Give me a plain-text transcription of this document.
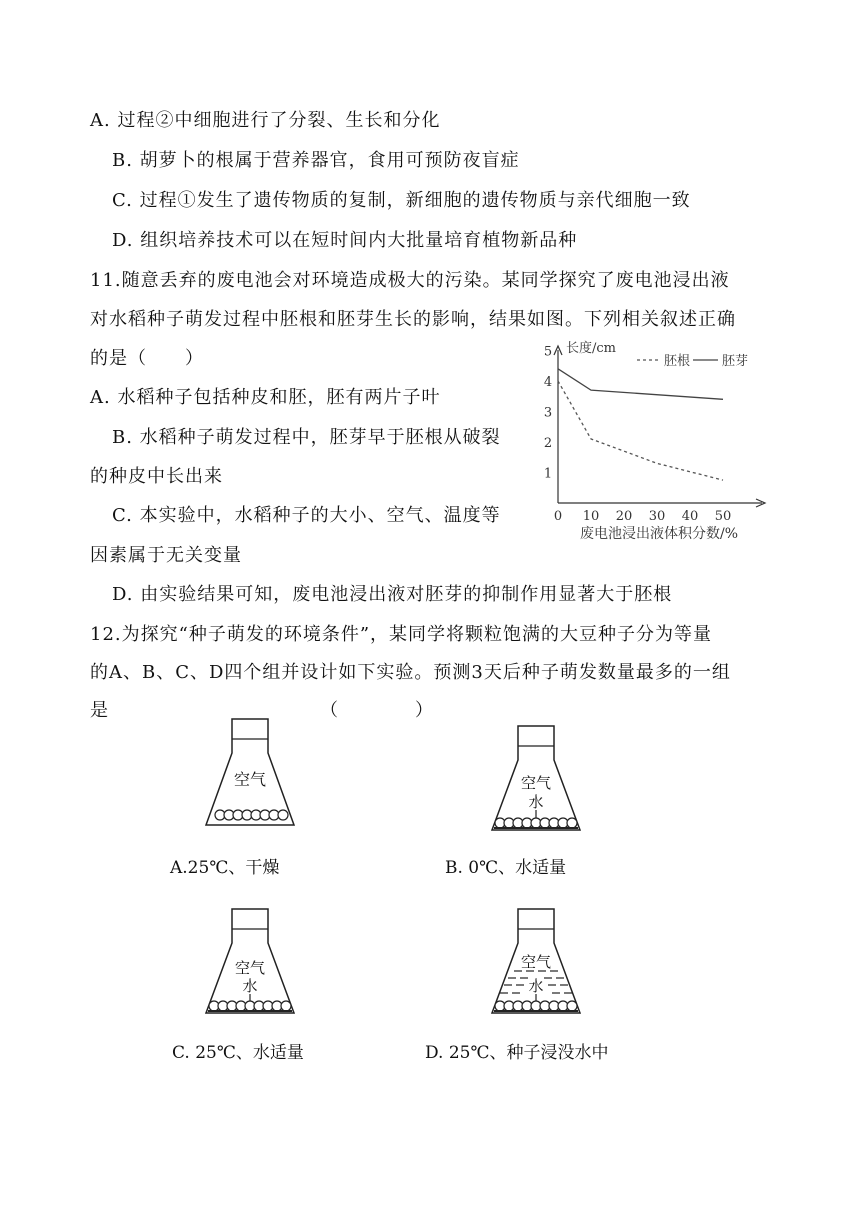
A. 过程②中细胞进行了分裂、生长和分化
B. 胡萝卜的根属于营养器官，食用可预防夜盲症
C. 过程①发生了遗传物质的复制，新细胞的遗传物质与亲代细胞一致
D. 组织培养技术可以在短时间内大批量培育植物新品种
11.随意丢弃的废电池会对环境造成极大的污染。某同学探究了废电池浸出液
对水稻种子萌发过程中胚根和胚芽生长的影响，结果如图。下列相关叙述正确
的是（　　）
A. 水稻种子包括种皮和胚，胚有两片子叶
B. 水稻种子萌发过程中，胚芽早于胚根从破裂
的种皮中长出来
C. 本实验中，水稻种子的大小、空气、温度等
因素属于无关变量
D. 由实验结果可知，废电池浸出液对胚芽的抑制作用显著大于胚根
长度/cm
胚根 胚芽
0 10 20 30 40 50
1
2
3
4
5
废电池浸出液体积分数/%
12.为探究“种子萌发的环境条件”，某同学将颗粒饱满的大豆种子分为等量
的A、B、C、D四个组并设计如下实验。预测3天后种子萌发数量最多的一组
是	（　　　　）
空气
A.25℃、干燥
空气
水
B. 0℃、水适量
空气
水
C. 25℃、水适量
空气
水
D. 25℃、种子浸没水中
